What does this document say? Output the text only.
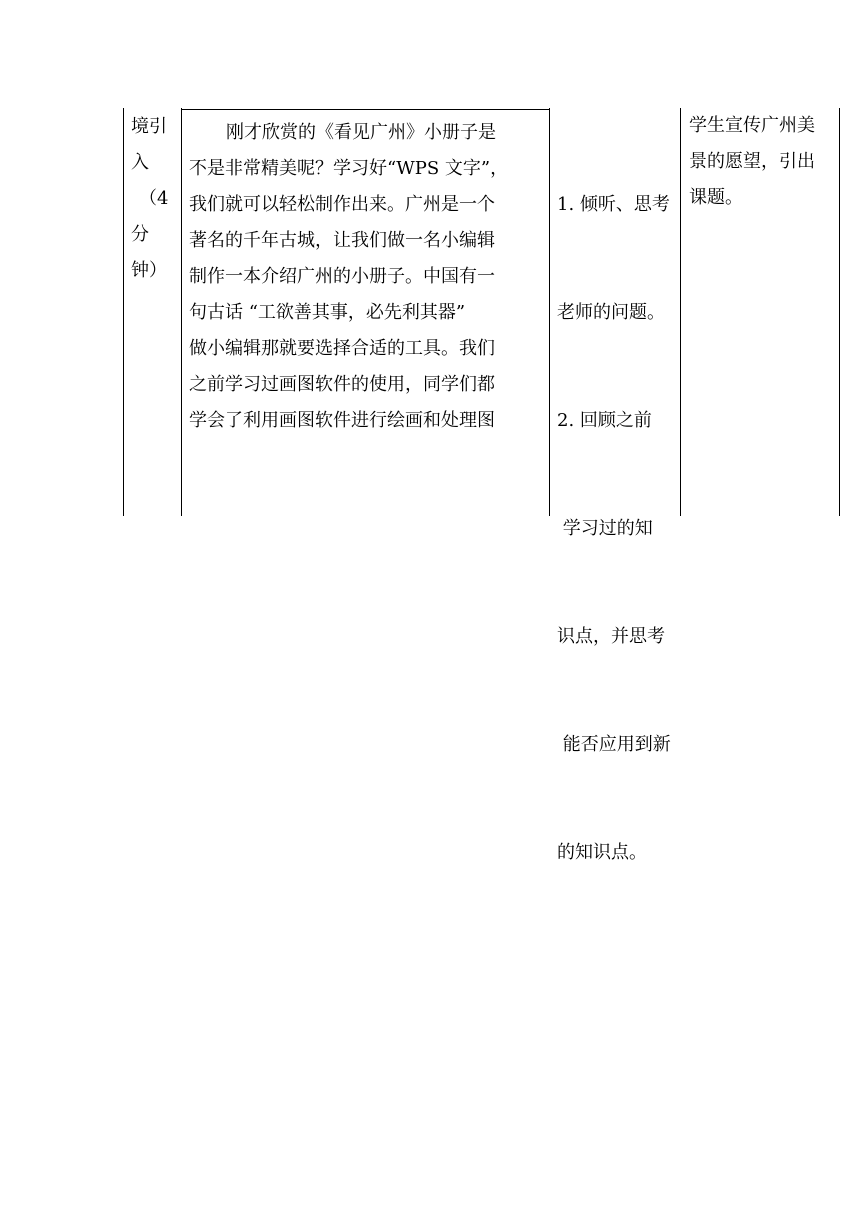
境引
入
（4
分
钟）
刚才欣赏的《看见广州》小册子是
不是非常精美呢？学习好“WPS 文字”，
我们就可以轻松制作出来。广州是一个
著名的千年古城，让我们做一名小编辑
制作一本介绍广州的小册子。中国有一
句古话 “工欲善其事，必先利其器”
做小编辑那就要选择合适的工具。我们
之前学习过画图软件的使用，同学们都
学会了利用画图软件进行绘画和处理图

1. 倾听、思考

老师的问题。

2. 回顾之前

学习过的知

识点，并思考

能否应用到新

的知识点。

学生宣传广州美
景的愿望，引出
课题。
